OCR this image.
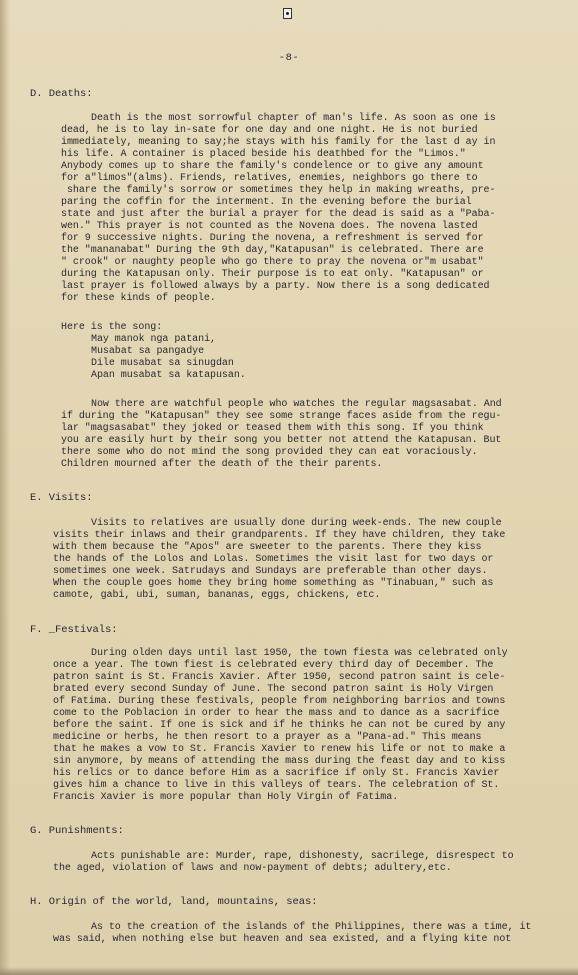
-8-
D. Deaths:
Death is the most sorrowful chapter of man's life. As soon as one is
dead, he is to lay in-sate for one day and one night. He is not buried
immediately, meaning to say;he stays with his family for the last d ay in
his life. A container is placed beside his deathbed for the "Limos."
Anybody comes up to share the family's condelence or to give any amount
for a"limos"(alms). Friends, relatives, enemies, neighbors go there to
share the family's sorrow or sometimes they help in making wreaths, pre-
paring the coffin for the interment. In the evening before the burial
state and just after the burial a prayer for the dead is said as a "Paba-
wen." This prayer is not counted as the Novena does. The novena lasted
for 9 successive nights. During the novena, a refreshment is served for
the "mananabat" During the 9th day,"Katapusan" is celebrated. There are
" crook" or naughty people who go there to pray the novena or"m usabat"
during the Katapusan only. Their purpose is to eat only. "Katapusan" or
last prayer is followed always by a party. Now there is a song dedicated
for these kinds of people.
Here is the song:
May manok nga patani,
Musabat sa pangadye
Dile musabat sa sinugdan
Apan musabat sa katapusan.
Now there are watchful people who watches the regular magsasabat. And
if during the "Katapusan" they see some strange faces aside from the regu-
lar "magsasabat" they joked or teased them with this song. If you think
you are easily hurt by their song you better not attend the Katapusan. But
there some who do not mind the song provided they can eat voraciously.
Children mourned after the death of the their parents.
E. Visits:
Visits to relatives are usually done during week-ends. The new couple
visits their inlaws and their grandparents. If they have children, they take
with them because the "Apos" are sweeter to the parents. There they kiss
the hands of the Lolos and Lolas. Sometimes the visit last for two days or
sometimes one week. Satrudays and Sundays are preferable than other days.
When the couple goes home they bring home something as "Tinabuan," such as
camote, gabi, ubi, suman, bananas, eggs, chickens, etc.
F. _Festivals:
During olden days until last 1950, the town fiesta was celebrated only
once a year. The town fiest is celebrated every third day of December. The
patron saint is St. Francis Xavier. After 1950, second patron saint is cele-
brated every second Sunday of June. The second patron saint is Holy Virgen
of Fatima. During these festivals, people from neighboring barrios and towns
come to the Poblacion in order to hear the mass and to dance as a sacrifice
before the saint. If one is sick and if he thinks he can not be cured by any
medicine or herbs, he then resort to a prayer as a "Pana-ad." This means
that he makes a vow to St. Francis Xavier to renew his life or not to make a
sin anymore, by means of attending the mass during the feast day and to kiss
his relics or to dance before Him as a sacrifice if only St. Francis Xavier
gives him a chance to live in this valleys of tears. The celebration of St.
Francis Xavier is more popular than Holy Virgin of Fatima.
G. Punishments:
Acts punishable are: Murder, rape, dishonesty, sacrilege, disrespect to
the aged, violation of laws and now-payment of debts; adultery,etc.
H. Origin of the world, land, mountains, seas:
As to the creation of the islands of the Philippines, there was a time, it
was said, when nothing else but heaven and sea existed, and a flying kite not
